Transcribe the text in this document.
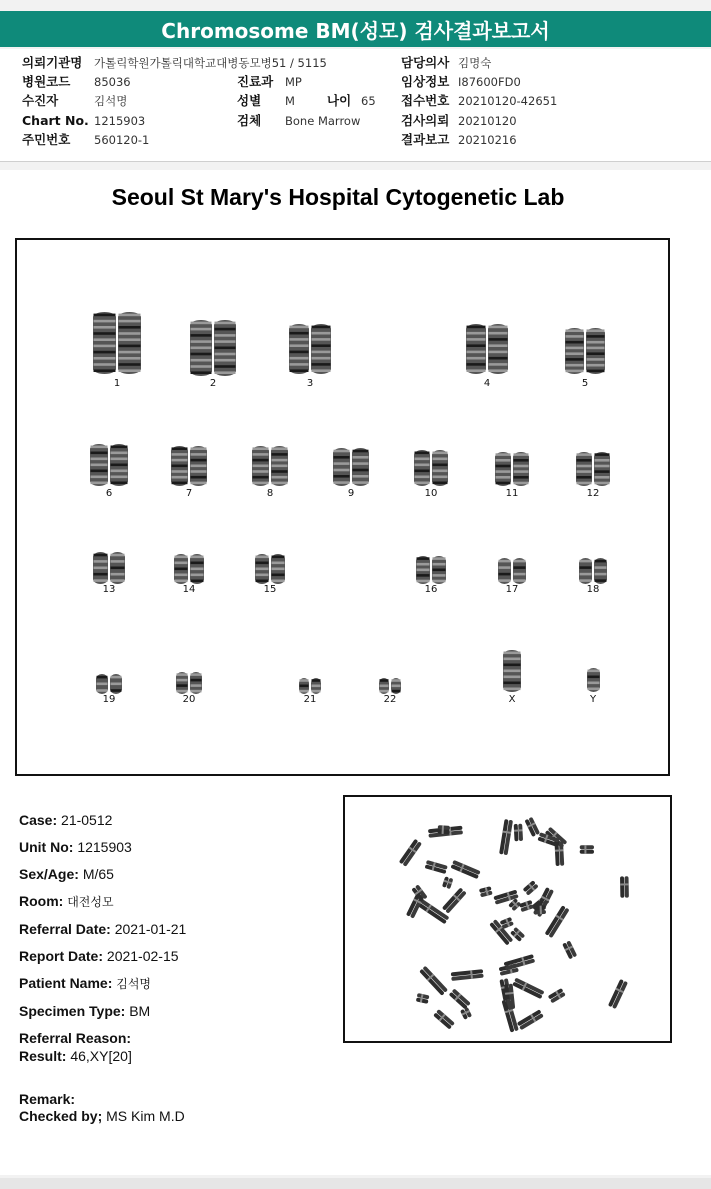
Chromosome BM(성모) 검사결과보고서
의뢰기관명 가톨릭학원가톨릭대학교대병동모병51 / 5115
병원코드 85036
수진자	김석명
Chart No. 1215903
주민번호 560120-1
진료과 MP
성별 M	나이 65
검체 Bone Marrow
담당의사 김명숙
임상정보 I87600FD0
접수번호 20210120-42651
검사의뢰 20210120
결과보고 20210216
Seoul St Mary's Hospital Cytogenetic Lab
1	2	3	4	5
6	7	8	9	10	11	12
13	14	15	16	17	18
19	20	21	22	X	Y
Case: 21-0512
Unit No: 1215903
Sex/Age: M/65
Room: 대전성모
Referral Date: 2021-01-21
Report Date: 2021-02-15
Patient Name: 김석명
Specimen Type: BM
Referral Reason:
Result: 46,XY[20]
Remark:
Checked by; MS Kim M.D
